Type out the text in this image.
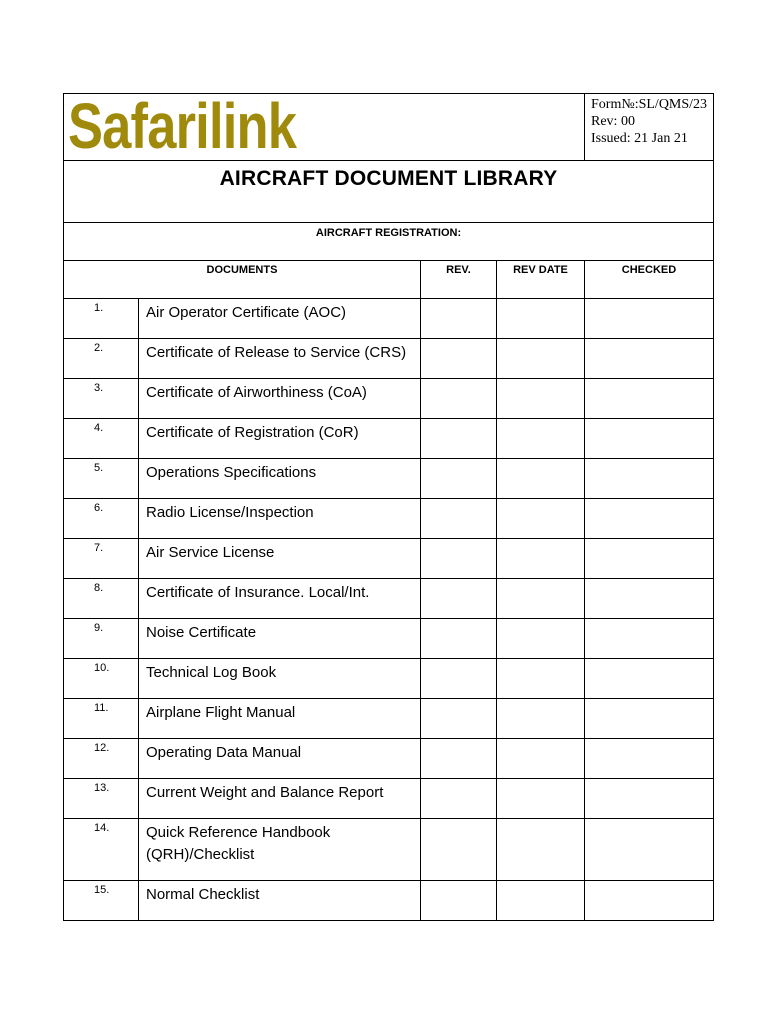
Safarilink				Form№:SL/QMS/23
Rev: 00
Issued: 21 Jan 21

AIRCRAFT DOCUMENT LIBRARY				
AIRCRAFT REGISTRATION:				
DOCUMENTS		REV.	REV DATE	CHECKED
1.	Air Operator Certificate (AOC)			
2.	Certificate of Release to Service (CRS)			
3.	Certificate of Airworthiness (CoA)			
4.	Certificate of Registration (CoR)			
5.	Operations Specifications			
6.	Radio License/Inspection			
7.	Air Service License			
8.	Certificate of Insurance. Local/Int.			
9.	Noise Certificate			
10.	Technical Log Book			
11.	Airplane Flight Manual			
12.	Operating Data Manual			
13.	Current Weight and Balance Report			
14.	Quick Reference Handbook (QRH)/Checklist			
15.	Normal Checklist			
